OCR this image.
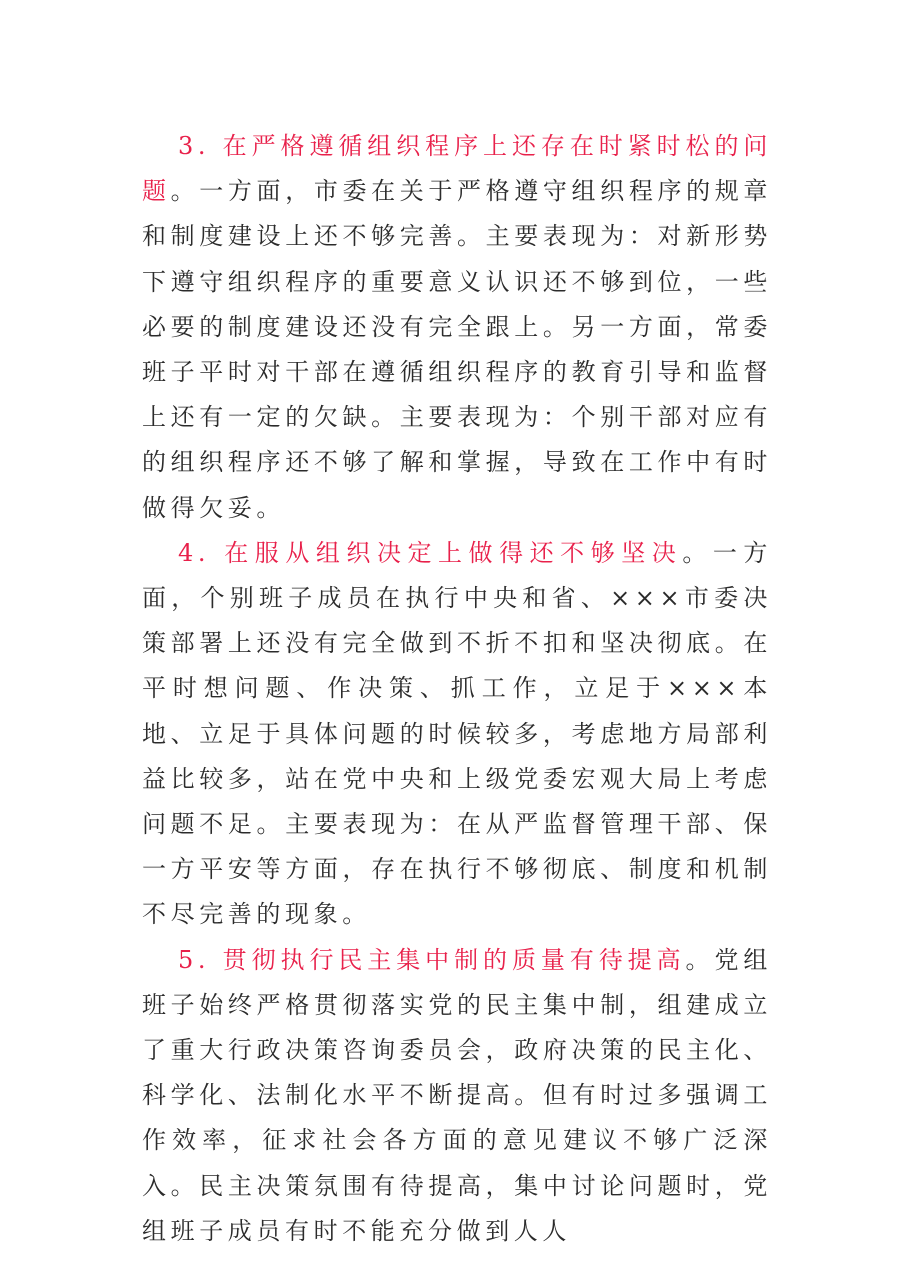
3. 在严格遵循组织程序上还存在时紧时松的问题。一方面，市委在关于严格遵守组织程序的规章和制度建设上还不够完善。主要表现为：对新形势下遵守组织程序的重要意义认识还不够到位，一些必要的制度建设还没有完全跟上。另一方面，常委班子平时对干部在遵循组织程序的教育引导和监督上还有一定的欠缺。主要表现为：个别干部对应有的组织程序还不够了解和掌握，导致在工作中有时做得欠妥。

4. 在服从组织决定上做得还不够坚决。一方面，个别班子成员在执行中央和省、×××市委决策部署上还没有完全做到不折不扣和坚决彻底。在平时想问题、作决策、抓工作，立足于×××本地、立足于具体问题的时候较多，考虑地方局部利益比较多，站在党中央和上级党委宏观大局上考虑问题不足。主要表现为：在从严监督管理干部、保一方平安等方面，存在执行不够彻底、制度和机制不尽完善的现象。

5. 贯彻执行民主集中制的质量有待提高。党组班子始终严格贯彻落实党的民主集中制，组建成立了重大行政决策咨询委员会，政府决策的民主化、科学化、法制化水平不断提高。但有时过多强调工作效率，征求社会各方面的意见建议不够广泛深入。民主决策氛围有待提高，集中讨论问题时，党组班子成员有时不能充分做到人人
